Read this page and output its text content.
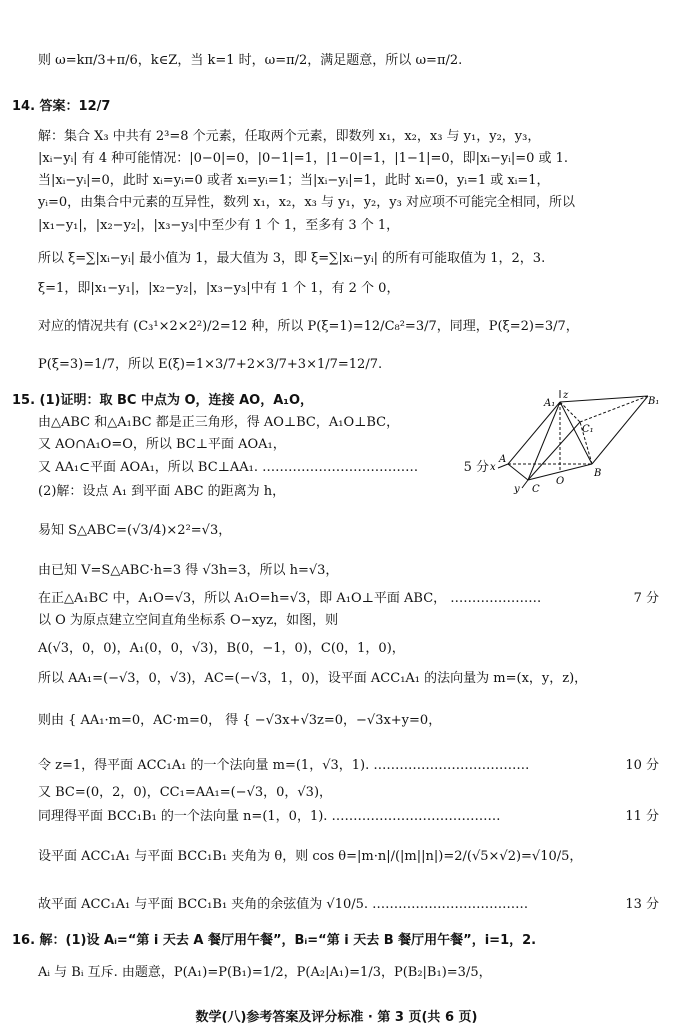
则 ω=kπ/3+π/6，k∈Z，当 k=1 时，ω=π/2，满足题意，所以 ω=π/2.
14. 答案：12/7
解：集合 X₃ 中共有 2³=8 个元素，任取两个元素，即数列 x₁，x₂，x₃ 与 y₁，y₂，y₃，
|xᵢ−yᵢ| 有 4 种可能情况：|0−0|=0，|0−1|=1，|1−0|=1，|1−1|=0，即|xᵢ−yᵢ|=0 或 1.
当|xᵢ−yᵢ|=0，此时 xᵢ=yᵢ=0 或者 xᵢ=yᵢ=1；当|xᵢ−yᵢ|=1，此时 xᵢ=0，yᵢ=1 或 xᵢ=1，
yᵢ=0，由集合中元素的互异性，数列 x₁，x₂，x₃ 与 y₁，y₂，y₃ 对应项不可能完全相同，所以
|x₁−y₁|，|x₂−y₂|，|x₃−y₃|中至少有 1 个 1，至多有 3 个 1，
所以 ξ=∑|xᵢ−yᵢ| 最小值为 1，最大值为 3，即 ξ=∑|xᵢ−yᵢ| 的所有可能取值为 1，2，3.
ξ=1，即|x₁−y₁|，|x₂−y₂|，|x₃−y₃|中有 1 个 1，有 2 个 0，
对应的情况共有 (C₃¹×2×2²)/2=12 种，所以 P(ξ=1)=12/C₈²=3/7，同理，P(ξ=2)=3/7，
P(ξ=3)=1/7，所以 E(ξ)=1×3/7+2×3/7+3×1/7=12/7.
15. (1)证明：取 BC 中点为 O，连接 AO，A₁O，
由△ABC 和△A₁BC 都是正三角形，得 AO⊥BC，A₁O⊥BC，
又 AO∩A₁O=O，所以 BC⊥平面 AOA₁，
又 AA₁⊂平面 AOA₁，所以 BC⊥AA₁. ………………………………
(2)解：设点 A₁ 到平面 ABC 的距离为 h，
易知 S△ABC=(√3/4)×2²=√3，
由已知 V=S△ABC·h=3 得 √3h=3，所以 h=√3，
在正△A₁BC 中，A₁O=√3，所以 A₁O=h=√3，即 A₁O⊥平面 ABC， …………………
以 O 为原点建立空间直角坐标系 O−xyz，如图，则
A(√3，0，0)，A₁(0，0，√3)，B(0，−1，0)，C(0，1，0)，
所以 AA₁=(−√3，0，√3)，AC=(−√3，1，0)，设平面 ACC₁A₁ 的法向量为 m=(x，y，z)，
则由 { AA₁·m=0，AC·m=0， 得 { −√3x+√3z=0，−√3x+y=0，
令 z=1，得平面 ACC₁A₁ 的一个法向量 m=(1，√3，1). ………………………………
又 BC=(0，2，0)，CC₁=AA₁=(−√3，0，√3)，
同理得平面 BCC₁B₁ 的一个法向量 n=(1，0，1). …………………………………
设平面 ACC₁A₁ 与平面 BCC₁B₁ 夹角为 θ，则 cos θ=|m·n|/(|m||n|)=2/(√5×√2)=√10/5，
故平面 ACC₁A₁ 与平面 BCC₁B₁ 夹角的余弦值为 √10/5. ………………………………
16. 解：(1)设 Aᵢ=“第 i 天去 A 餐厅用午餐”，Bᵢ=“第 i 天去 B 餐厅用午餐”，i=1，2.
Aᵢ 与 Bᵢ 互斥. 由题意，P(A₁)=P(B₁)=1/2，P(A₂|A₁)=1/3，P(B₂|B₁)=3/5，
5 分
7 分
10 分
11 分
13 分
z
A₁	B₁
C₁
x
A
O
B
y C
数学(八)参考答案及评分标准 · 第 3 页(共 6 页)
